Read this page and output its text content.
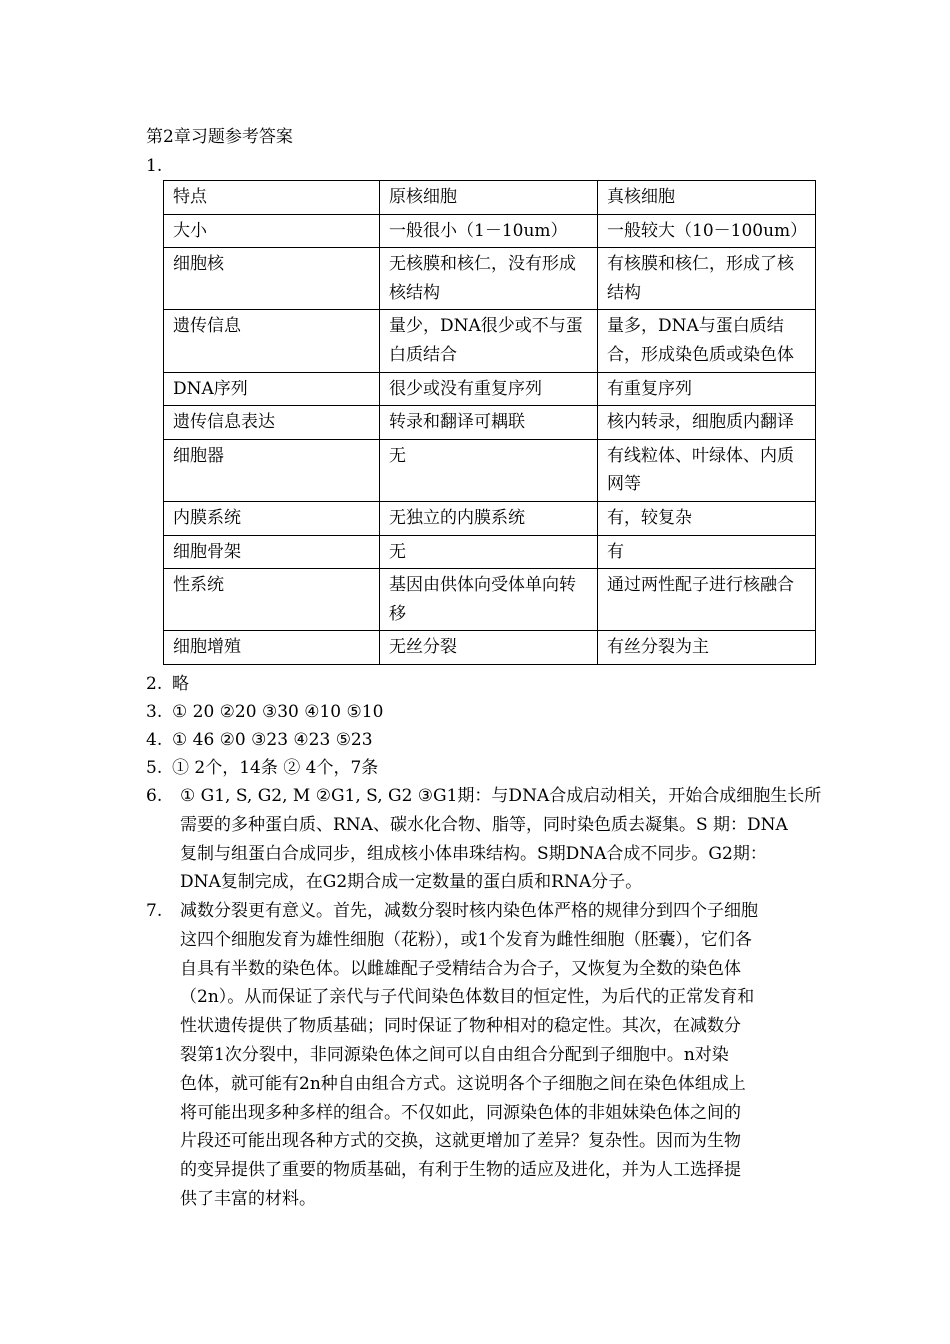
第2章习题参考答案
1.
特点	原核细胞	真核细胞
大小	一般很小（1－10um）	一般较大（10－100um）
细胞核	无核膜和核仁，没有形成核结构	有核膜和核仁，形成了核结构
遗传信息	量少，DNA很少或不与蛋白质结合	量多，DNA与蛋白质结合，形成染色质或染色体
DNA序列	很少或没有重复序列	有重复序列
遗传信息表达	转录和翻译可耦联	核内转录，细胞质内翻译
细胞器	无	有线粒体、叶绿体、内质网等
内膜系统	无独立的内膜系统	有，较复杂
细胞骨架	无	有
性系统	基因由供体向受体单向转移	通过两性配子进行核融合
细胞增殖	无丝分裂	有丝分裂为主
2. 略
3. ① 20 ②20 ③30 ④10 ⑤10
4. ① 46 ②0 ③23 ④23 ⑤23
5. ① 2个，14条 ② 4个，7条
6.	① G1, S, G2, M ②G1, S, G2 ③G1期：与DNA合成启动相关，开始合成细胞生长所
需要的多种蛋白质、RNA、碳水化合物、脂等，同时染色质去凝集。S 期：DNA
复制与组蛋白合成同步，组成核小体串珠结构。S期DNA合成不同步。G2期：
DNA复制完成，在G2期合成一定数量的蛋白质和RNA分子。
7.	减数分裂更有意义。首先，减数分裂时核内染色体严格的规律分到四个子细胞
这四个细胞发育为雄性细胞（花粉），或1个发育为雌性细胞（胚囊），它们各
自具有半数的染色体。以雌雄配子受精结合为合子，又恢复为全数的染色体
（2n）。从而保证了亲代与子代间染色体数目的恒定性，为后代的正常发育和
性状遗传提供了物质基础；同时保证了物种相对的稳定性。其次，在减数分
裂第1次分裂中，非同源染色体之间可以自由组合分配到子细胞中。n对染
色体，就可能有2n种自由组合方式。这说明各个子细胞之间在染色体组成上
将可能出现多种多样的组合。不仅如此，同源染色体的非姐妹染色体之间的
片段还可能出现各种方式的交换，这就更增加了差异？复杂性。因而为生物
的变异提供了重要的物质基础，有利于生物的适应及进化，并为人工选择提
供了丰富的材料。
